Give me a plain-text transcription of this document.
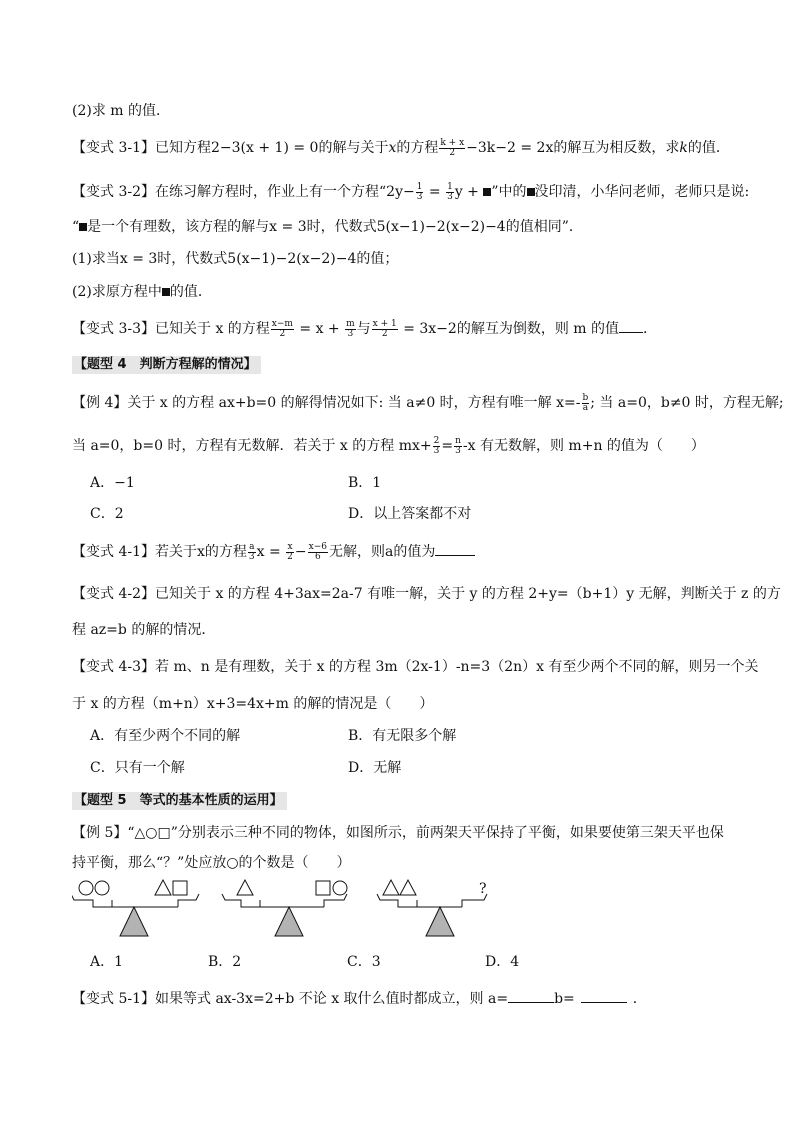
(2)求 m 的值．
【变式 3-1】已知方程2−3(x + 1) = 0的解与关于x的方程 $\frac{k + x}{2} -3k-2 = 2x$的解互为相反数，求k的值．
【变式 3-2】在练习解方程时，作业上有一个方程“$2y- \frac{1}{3} = \frac{1}{3}$ y + ”中的 没印清，小华问老师，老师只是说:
“ 是一个有理数，该方程的解与x = 3时，代数式5(x−1)−2(x−2)−4的值相同”．
(1)求当x = 3时，代数式5(x−1)−2(x−2)−4的值；
(2)求原方程中 的值．
【变式 3-3】已知关于 x 的方程 $\frac{x-m}{2} = x + \frac{m}{3}$ 与 $\frac{x + 1}{2} = 3x-2$的解互为倒数，则 m 的值 ．
【题型 4　判断方程解的情况】
【例 4】关于 x 的方程 ax+b=0 的解得情况如下: 当 a≠0 时，方程有唯一解 $x=- \frac{b}{a}$ ; 当 a=0，b≠0 时，方程无解;
当 a=0，b=0 时，方程有无数解．若关于 x 的方程 $mx+ \frac{2}{3} = \frac{n}{3} -x$ 有无数解，则 m+n 的值为（　　）
A．−1	B．1
C．2	D．以上答案都不对
【变式 4-1】若关于x的方程 $\frac{a}{3}$ $x = \frac{x}{2} - \frac{x-6}{6}$ 无解，则a的值为
【变式 4-2】已知关于 x 的方程 4+3ax=2a-7 有唯一解，关于 y 的方程 2+y=（b+1）y 无解，判断关于 z 的方
程 az=b 的解的情况．
【变式 4-3】若 m、n 是有理数，关于 x 的方程 3m（2x-1）-n=3（2n）x 有至少两个不同的解，则另一个关
于 x 的方程（m+n）x+3=4x+m 的解的情况是（　　）
A．有至少两个不同的解	B．有无限多个解
C．只有一个解	D．无解
【题型 5　等式的基本性质的运用】
【例 5】“△○□”分别表示三种不同的物体，如图所示，前两架天平保持了平衡，如果要使第三架天平也保
持平衡，那么“？”处应放○的个数是（　　）
?
A．1	B．2	C．3	D．4
【变式 5-1】如果等式 ax-3x=2+b 不论 x 取什么值时都成立，则 a=	b=	．
